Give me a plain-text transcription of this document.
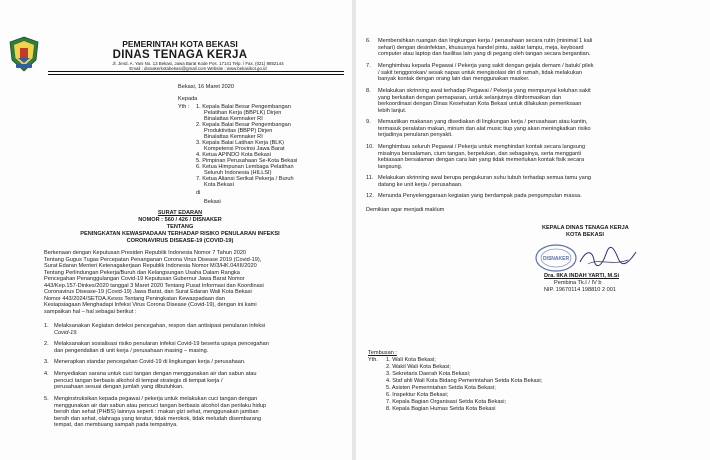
PEMERINTAH KOTA BEKASI
DINAS TENAGA KERJA
Jl. Jend. A. Yani No. 13 Bekasi, Jawa Barat Kode Pos. 17141 Telp. / Fax. (021) 8852144
Email : disnakerkotabekasi@gmail.com Website : www.bekasikot.go.id
Bekasi, 16 Maret 2020
Kepada
Yth : 1. Kepala Balai Besar Pengembangan
Pelatihan Kerja (BBPLK) Dirjen
Binalattas Kemnaker RI
2. Kepala Balai Besar Pengembangan
Produktivitas (BBPP) Dirjen
Binalattas Kemnaker RI
3. Kepala Balai Latihan Kerja (BLK)
Kompetensi Provinsi Jawa Barat
4. Ketua APINDO Kota Bekasi
5. Pimpinan Perusahaan Se-Kota Bekasi
6. Ketua Himpunan Lembaga Pelatihan
Seluruh Indonesia (HILLSI)
7. Ketua Aliansi Serikat Pekerja / Buruh
Kota Bekasi
di
Bekasi
SURAT EDARAN
NOMOR : 560 / 426 / DISNAKER
TENTANG
PENINGKATAN KEWASPADAAN TERHADAP RISIKO PENULARAN INFEKSI
CORONAVIRUS DISEASE-19 (COVID-19)
Berkenaan dengan Keputusan Presiden Republik Indonesia Nomor 7 Tahun 2020
Tentang Gugus Tugas Percepatan Penanganan Corona Virus Disease 2019 (Covid-19),
Surat Edaran Menteri Ketenagakerjaan Republik Indonesia Nomor M/3/HK.04/III/2020
Tentang Perlindungan Pekerja/Buruh dan Kelangsungan Usaha Dalam Rangka
Pencegahan Penanggulangan Covid-19 Keputusan Gubernur Jawa Barat Nomor
443/Kep.157-Dinkes/2020 tanggal 3 Maret 2020 Tentang Pusat Informasi dan Koordinasi
Coronavirus Disease-19 (Covid-19) Jawa Barat, dan Surat Edaran Wali Kota Bekasi
Nomor 443/2024/SETDA.Kesos Tentang Peningkatan Kewaspadaan dan
Kesiapsiagaan Menghadapi Infeksi Virus Corona Disease (Covid-19), dengan ini kami
sampaikan hal – hal sebagai berikut :
1. Melaksanakan Kegiatan deteksi pencegahan, respon dan antisipasi penularan infeksi
Covid-19.
2. Melaksanakan sosialisasi risiko penularan infeksi Covid-19 beserta upaya pencegahan
dan pengendalian di unit kerja / perusahaan masing – masing.
3. Menerapkan standar pencegahan Covid-19 di lingkungan kerja / perusahaan.
4. Menyediakan sarana untuk cuci tangan dengan menggunakan air dan sabun atau
pencuci tangan berbasis alkohol di tempat strategis di tempat kerja /
perusahaan sesuai dengan jumlah yang dibutuhkan.
5. Menginstruksikan kepada pegawai / pekerja untuk melakukan cuci tangan dengan
menggunakan air dan sabun atau pencuci tangan berbasis alcohol dan perilaku hidup
bersih dan sehat (PHBS) lainnya seperti : makan gizi sehat, menggunakan jamban
bersih dan sehat, olahraga yang teratur, tidak merokok, tidak meludah disembarang
tempat, dan membuang sampah pada tempatnya.
6. Membersihkan ruangan dan lingkungan kerja / perusahaan secara rutin (minimal 1 kali
sehari) dengan desinfektan, khususnya handel pintu, saklar lampu, meja, keyboard
computer atau laptop dan fasilitas lain yang di pegang oleh tangan secara bergantian.
7. Menghimbau kepada Pegawai / Pekerja yang sakit dengan gejala demam / batuk/ pilek
/ sakit tenggorokan/ sesak napas untuk mengisolasi diri di rumah, tidak melakukan
banyak kontak dengan orang lain dan menggunakan masker.
8. Melakukan skrinning awal terhadap Pegawai / Pekerja yang mempunyai keluhan sakit
yang berkaitan dengan pernapasan, untuk selanjutnya diinformasikan dan
berkoordinasi dengan Dinas Kesehatan Kota Bekasi untuk dilakukan pemeriksaan
lebih lanjut.
9. Memastikan makanan yang disediakan di lingkungan kerja / perusahaan atau kantin,
termasuk peralatan makan, minum dan alat music tiup yang akan meningkatkan risiko
terjadinya penularan penyakit.
10. Menghimbau seluruh Pegawai / Pekerja untuk menghindari kontak secara langsung
misalnya bersalaman, cium tangan, berpelukan, dan sebagainya, serta mengganti
kebiasaan bersalaman dengan cara lain yang tidak memerlukan kontak fisik secara
langsung.
11. Melakukan skrinning awal berupa pengukuran suhu tubuh terhadap semua tamu yang
datang ke unit kerja / perusahaan.
12. Menunda Penyelenggaraan kegiatan yang berdampak pada pengumpulan massa.
Demikian agar menjadi maklum
KEPALA DINAS TENAGA KERJA
KOTA BEKASI
DISNAKER
Dra. IIKA INDAH YARTI, M.Si
Pembina Tk.I / IV b
NIP. 19670114 198810 2 001
Tembusan :
Yth. 1. Wali Kota Bekasi;
2. Wakil Wali Kota Bekasi;
3. Sekretaris Daerah Kota Bekasi;
4. Staf ahli Wali Kota Bidang Pemerintahan Setda Kota Bekasi;
5. Asisten Pemerintahan Setda Kota Bekasi;
6. Inspektur Kota Bekasi;
7. Kepala Bagian Organisasi Setda Kota Bekasi;
8. Kepala Bagian Humas Setda Kota Bekasi
